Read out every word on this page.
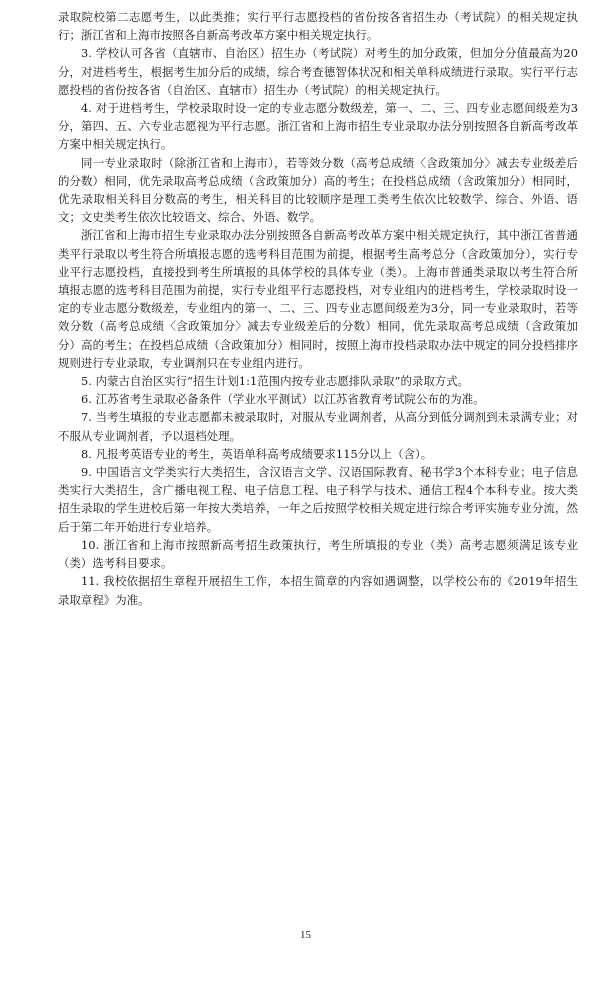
录取院校第二志愿考生，以此类推；实行平行志愿投档的省份按各省招生办（考试院）的相关规定执行；浙江省和上海市按照各自新高考改革方案中相关规定执行。

3. 学校认可各省（直辖市、自治区）招生办（考试院）对考生的加分政策，但加分分值最高为20分，对进档考生，根据考生加分后的成绩，综合考查德智体状况和相关单科成绩进行录取。实行平行志愿投档的省份按各省（自治区、直辖市）招生办（考试院）的相关规定执行。

4. 对于进档考生，学校录取时设一定的专业志愿分数级差，第一、二、三、四专业志愿间级差为3分，第四、五、六专业志愿视为平行志愿。浙江省和上海市招生专业录取办法分别按照各自新高考改革方案中相关规定执行。

同一专业录取时（除浙江省和上海市），若等效分数（高考总成绩〈含政策加分〉减去专业级差后的分数）相同，优先录取高考总成绩（含政策加分）高的考生；在投档总成绩（含政策加分）相同时，优先录取相关科目分数高的考生，相关科目的比较顺序是理工类考生依次比较数学、综合、外语、语文；文史类考生依次比较语文、综合、外语、数学。

浙江省和上海市招生专业录取办法分别按照各自新高考改革方案中相关规定执行，其中浙江省普通类平行录取以考生符合所填报志愿的选考科目范围为前提，根据考生高考总分（含政策加分），实行专业平行志愿投档，直接投到考生所填报的具体学校的具体专业（类）。上海市普通类录取以考生符合所填报志愿的选考科目范围为前提，实行专业组平行志愿投档，对专业组内的进档考生，学校录取时设一定的专业志愿分数级差，专业组内的第一、二、三、四专业志愿间级差为3分，同一专业录取时，若等效分数（高考总成绩〈含政策加分〉减去专业级差后的分数）相同，优先录取高考总成绩（含政策加分）高的考生；在投档总成绩（含政策加分）相同时，按照上海市投档录取办法中规定的同分投档排序规则进行专业录取，专业调剂只在专业组内进行。

5. 内蒙古自治区实行“招生计划1:1范围内按专业志愿排队录取”的录取方式。

6. 江苏省考生录取必备条件（学业水平测试）以江苏省教育考试院公布的为准。

7. 当考生填报的专业志愿都未被录取时，对服从专业调剂者，从高分到低分调剂到未录满专业；对不服从专业调剂者，予以退档处理。

8. 凡报考英语专业的考生，英语单科高考成绩要求115分以上（含）。

9. 中国语言文学类实行大类招生，含汉语言文学、汉语国际教育、秘书学3个本科专业；电子信息类实行大类招生，含广播电视工程、电子信息工程、电子科学与技术、通信工程4个本科专业。按大类招生录取的学生进校后第一年按大类培养，一年之后按照学校相关规定进行综合考评实施专业分流，然后于第二年开始进行专业培养。

10. 浙江省和上海市按照新高考招生政策执行，考生所填报的专业（类）高考志愿须满足该专业（类）选考科目要求。

11. 我校依据招生章程开展招生工作，本招生简章的内容如遇调整，以学校公布的《2019年招生录取章程》为准。

15
